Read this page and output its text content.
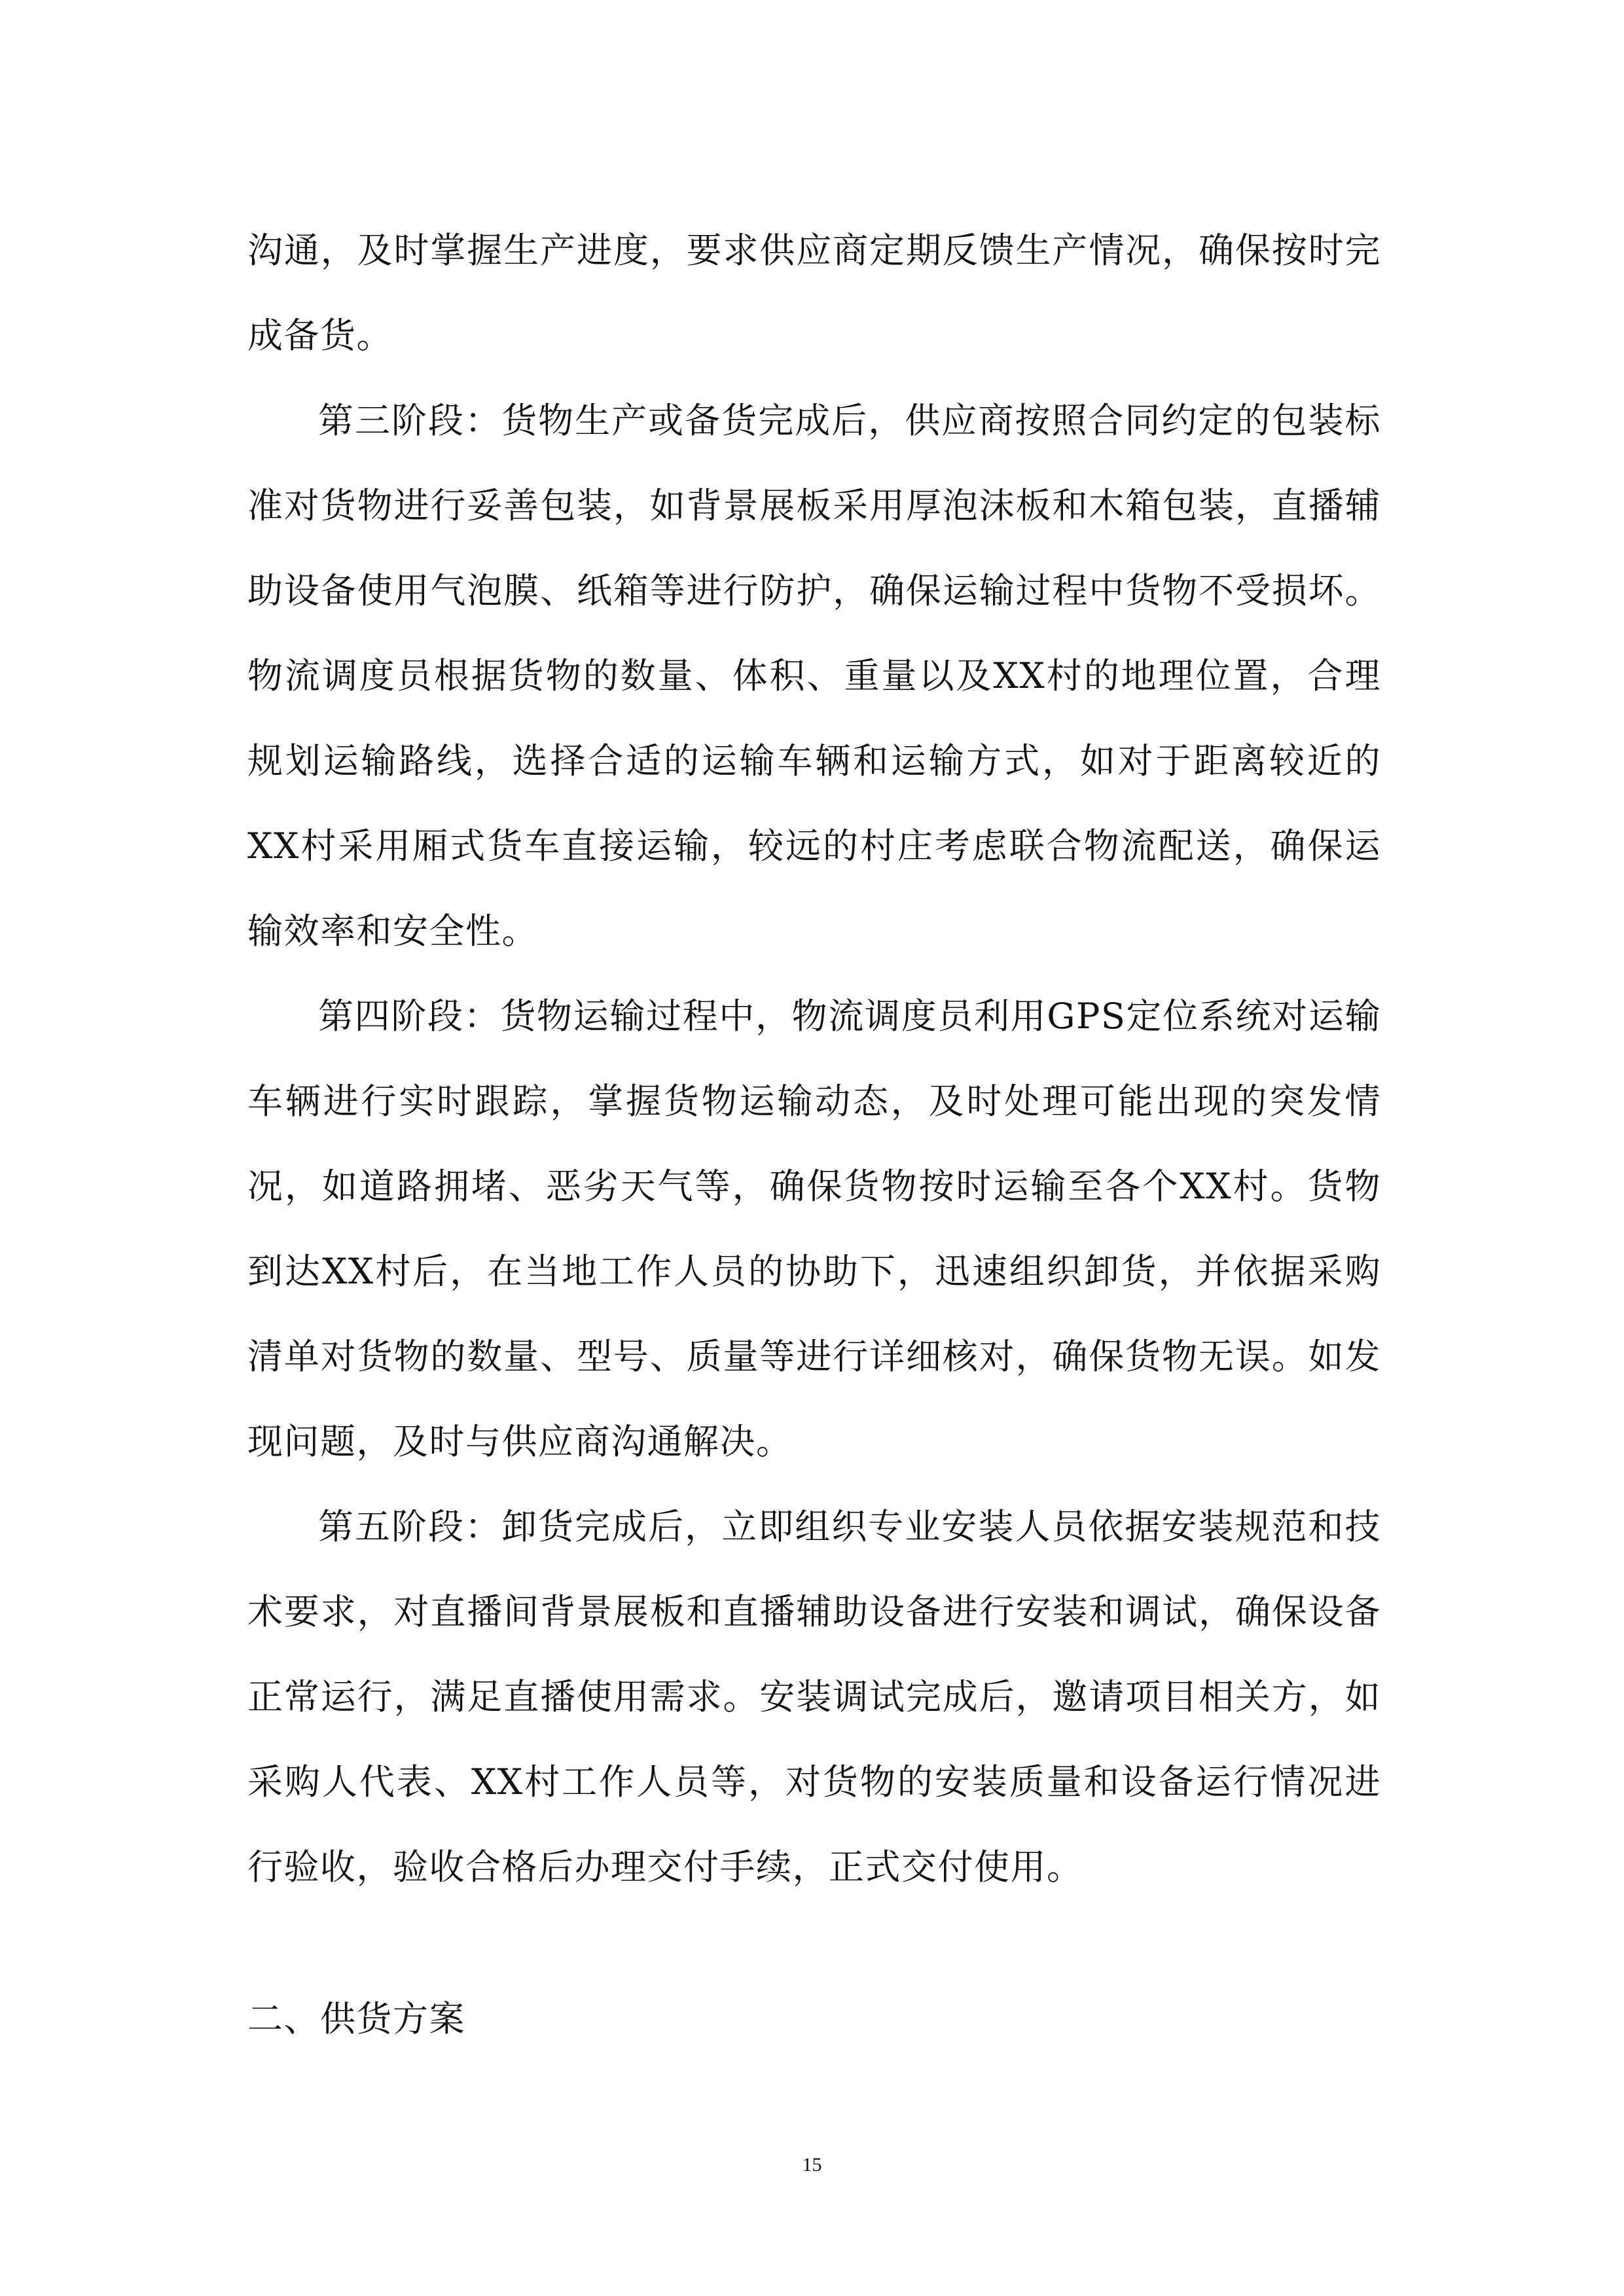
沟通，及时掌握生产进度，要求供应商定期反馈生产情况，确保按时完成备货。

第三阶段：货物生产或备货完成后，供应商按照合同约定的包装标准对货物进行妥善包装，如背景展板采用厚泡沫板和木箱包装，直播辅助设备使用气泡膜、纸箱等进行防护，确保运输过程中货物不受损坏。物流调度员根据货物的数量、体积、重量以及XX村的地理位置，合理规划运输路线，选择合适的运输车辆和运输方式，如对于距离较近的XX村采用厢式货车直接运输，较远的村庄考虑联合物流配送，确保运输效率和安全性。

第四阶段：货物运输过程中，物流调度员利用GPS定位系统对运输车辆进行实时跟踪，掌握货物运输动态，及时处理可能出现的突发情况，如道路拥堵、恶劣天气等，确保货物按时运输至各个XX村。货物到达XX村后，在当地工作人员的协助下，迅速组织卸货，并依据采购清单对货物的数量、型号、质量等进行详细核对，确保货物无误。如发现问题，及时与供应商沟通解决。

第五阶段：卸货完成后，立即组织专业安装人员依据安装规范和技术要求，对直播间背景展板和直播辅助设备进行安装和调试，确保设备正常运行，满足直播使用需求。安装调试完成后，邀请项目相关方，如采购人代表、XX村工作人员等，对货物的安装质量和设备运行情况进行验收，验收合格后办理交付手续，正式交付使用。

二、供货方案
15
